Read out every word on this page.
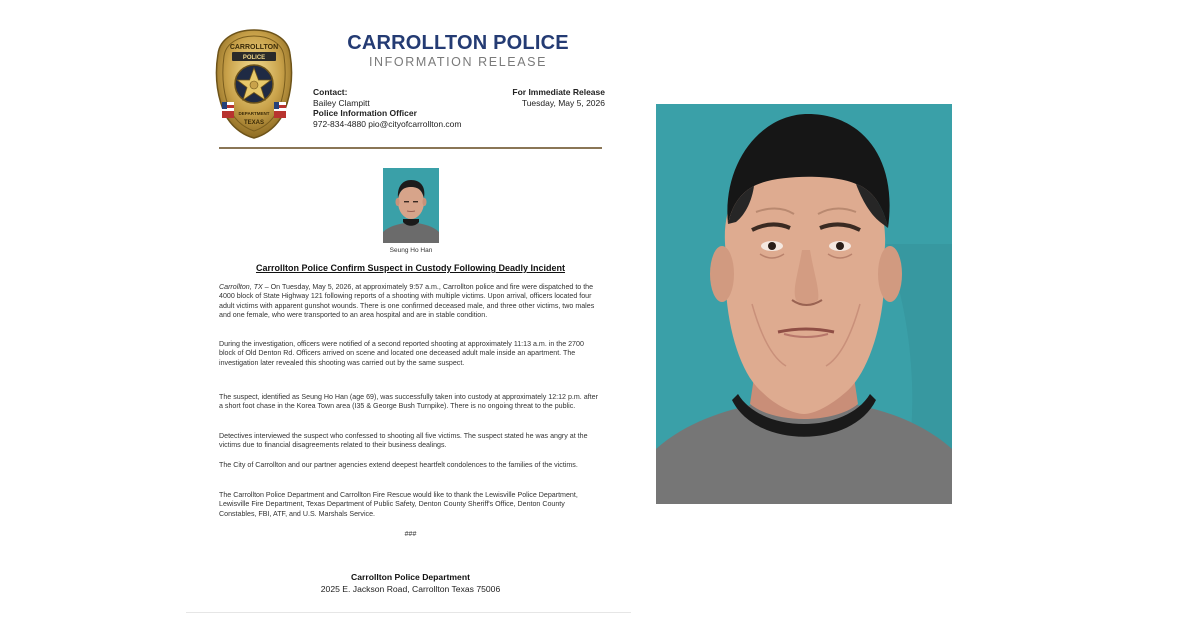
CARROLLTON
POLICE
DEPARTMENT
TEXAS
CARROLLTON POLICE
INFORMATION RELEASE
Contact:
Bailey Clampitt
Police Information Officer
972-834-4880 pio@cityofcarrollton.com
For Immediate Release
Tuesday, May 5, 2026
Seung Ho Han
Carrollton Police Confirm Suspect in Custody Following Deadly Incident
Carrollton, TX – On Tuesday, May 5, 2026, at approximately 9:57 a.m., Carrollton police and fire were dispatched to the 4000 block of State Highway 121 following reports of a shooting with multiple victims. Upon arrival, officers located four adult victims with apparent gunshot wounds. There is one confirmed deceased male, and three other victims, two males and one female, who were transported to an area hospital and are in stable condition.
During the investigation, officers were notified of a second reported shooting at approximately 11:13 a.m. in the 2700 block of Old Denton Rd. Officers arrived on scene and located one deceased adult male inside an apartment. The investigation later revealed this shooting was carried out by the same suspect.
The suspect, identified as Seung Ho Han (age 69), was successfully taken into custody at approximately 12:12 p.m. after a short foot chase in the Korea Town area (I35 & George Bush Turnpike). There is no ongoing threat to the public.
Detectives interviewed the suspect who confessed to shooting all five victims. The suspect stated he was angry at the victims due to financial disagreements related to their business dealings.
The City of Carrollton and our partner agencies extend deepest heartfelt condolences to the families of the victims.
The Carrollton Police Department and Carrollton Fire Rescue would like to thank the Lewisville Police Department, Lewisville Fire Department, Texas Department of Public Safety, Denton County Sheriff's Office, Denton County Constables, FBI, ATF, and U.S. Marshals Service.
###
Carrollton Police Department
2025 E. Jackson Road, Carrollton Texas 75006
